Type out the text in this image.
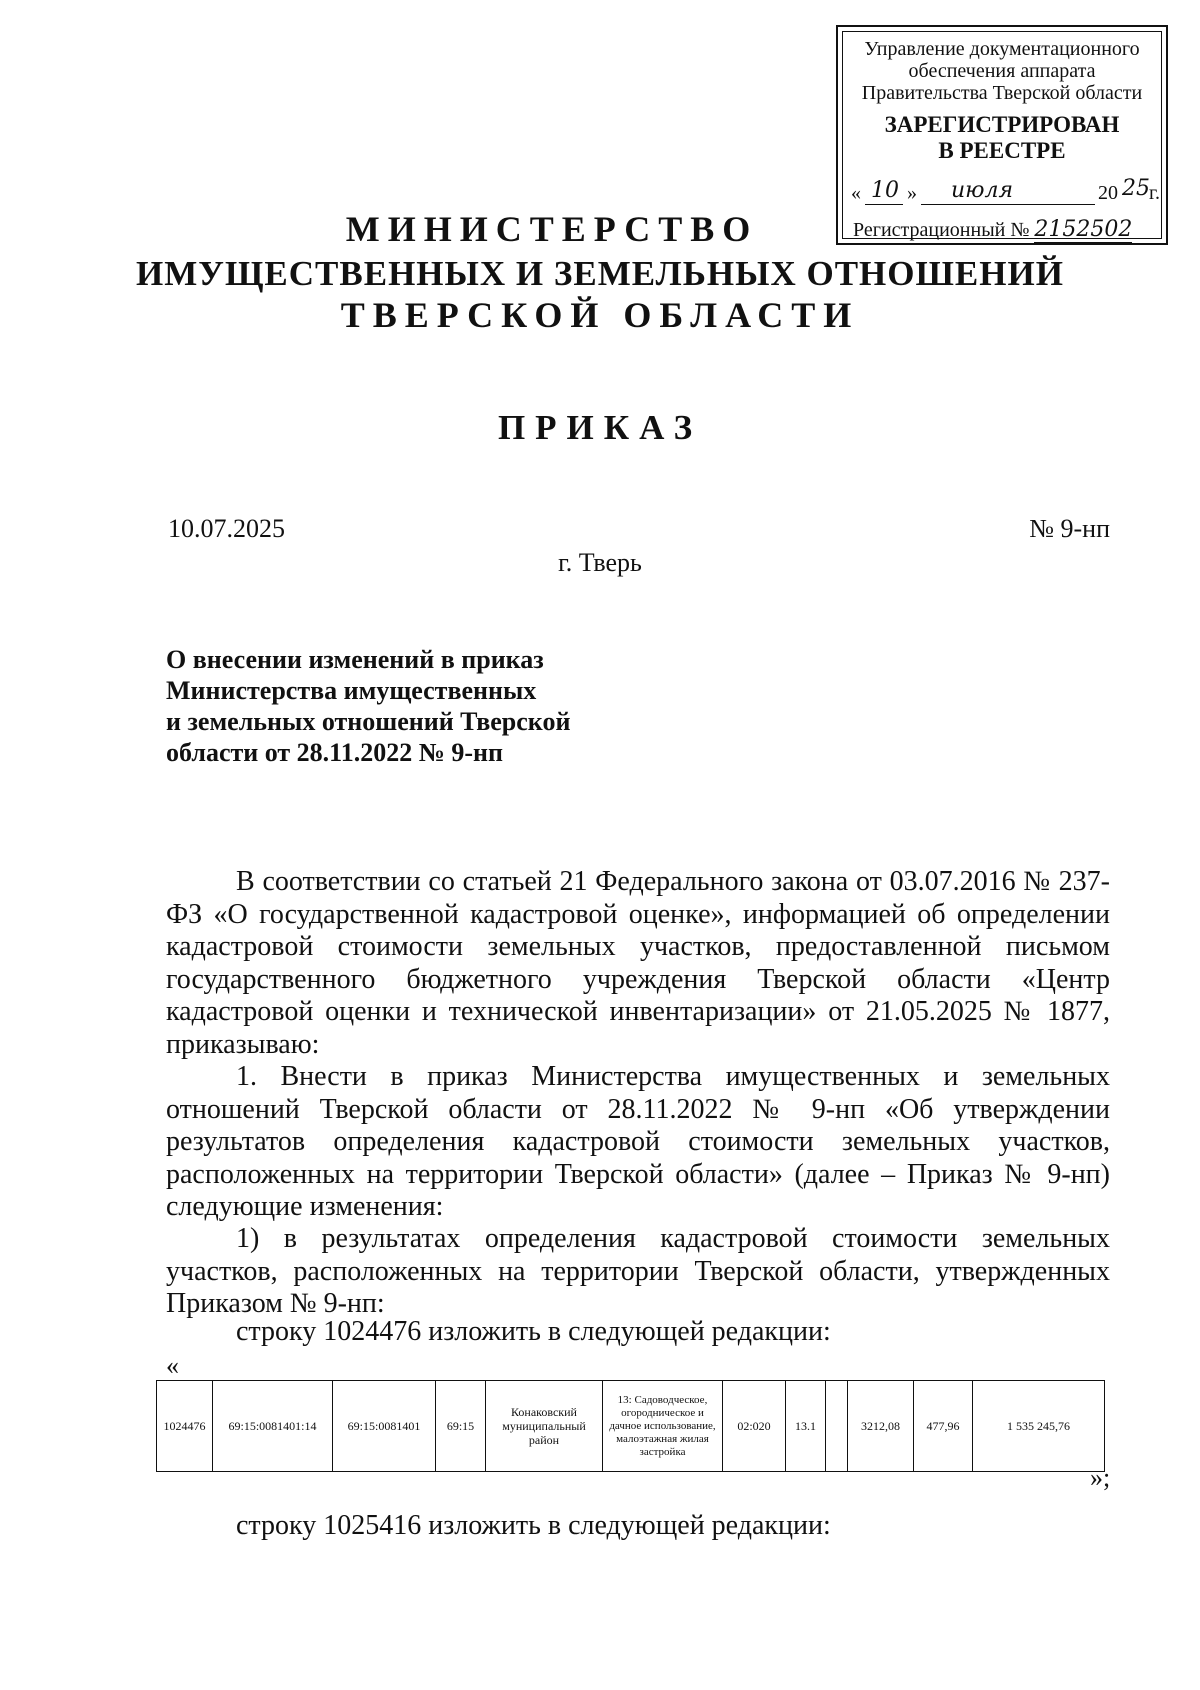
Управление документационного
обеспечения аппарата
Правительства Тверской области
ЗАРЕГИСТРИРОВАН
В РЕЕСТРЕ
« 10 » июля	20 25 г.
Регистрационный № 2152502
МИНИСТЕРСТВО
ИМУЩЕСТВЕННЫХ И ЗЕМЕЛЬНЫХ ОТНОШЕНИЙ
ТВЕРСКОЙ ОБЛАСТИ
ПРИКАЗ
10.07.2025	№ 9-нп
г. Тверь
О внесении изменений в приказ
Министерства имущественных
и земельных отношений Тверской
области от 28.11.2022 № 9-нп

В соответствии со статьей 21 Федерального закона от 03.07.2016 № 237-ФЗ «О государственной кадастровой оценке», информацией об определении кадастровой стоимости земельных участков, предоставленной письмом государственного бюджетного учреждения Тверской области «Центр кадастровой оценки и технической инвентаризации» от 21.05.2025 № 1877, приказываю:

1. Внести в приказ Министерства имущественных и земельных отношений Тверской области от 28.11.2022 № 9-нп «Об утверждении результатов определения кадастровой стоимости земельных участков, расположенных на территории Тверской области» (далее – Приказ № 9-нп) следующие изменения:

1) в результатах определения кадастровой стоимости земельных участков, расположенных на территории Тверской области, утвержденных Приказом № 9-нп:

строку 1024476 изложить в следующей редакции:
«
1024476	69:15:0081401:14	69:15:0081401	69:15	Конаковский муниципальный район	13: Садоводческое, огородническое и дачное использование, малоэтажная жилая застройка	02:020	13.1		3212,08	477,96	1 535 245,76
»;
строку 1025416 изложить в следующей редакции:
